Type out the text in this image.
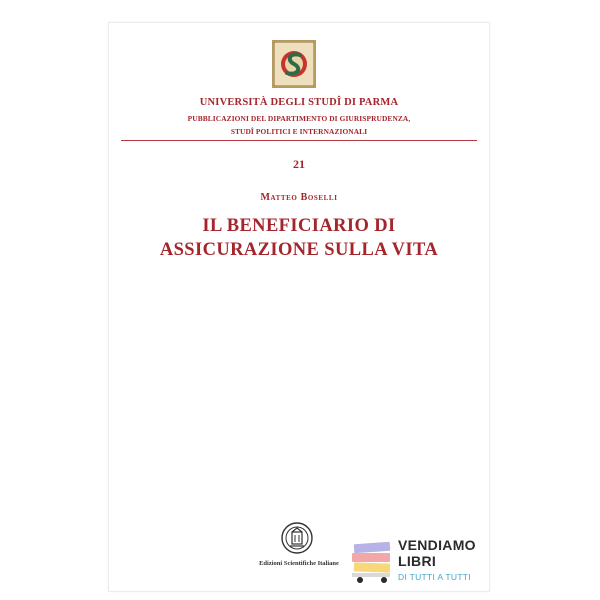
UNIVERSITÀ DEGLI STUDÎ DI PARMA
PUBBLICAZIONI DEL DIPARTIMENTO DI GIURISPRUDENZA,
STUDÎ POLITICI E INTERNAZIONALI
21
Matteo Boselli
IL BENEFICIARIO DI
ASSICURAZIONE SULLA VITA
Edizioni Scientifiche Italiane
VENDIAMO
LIBRI
DI TUTTI A TUTTI
